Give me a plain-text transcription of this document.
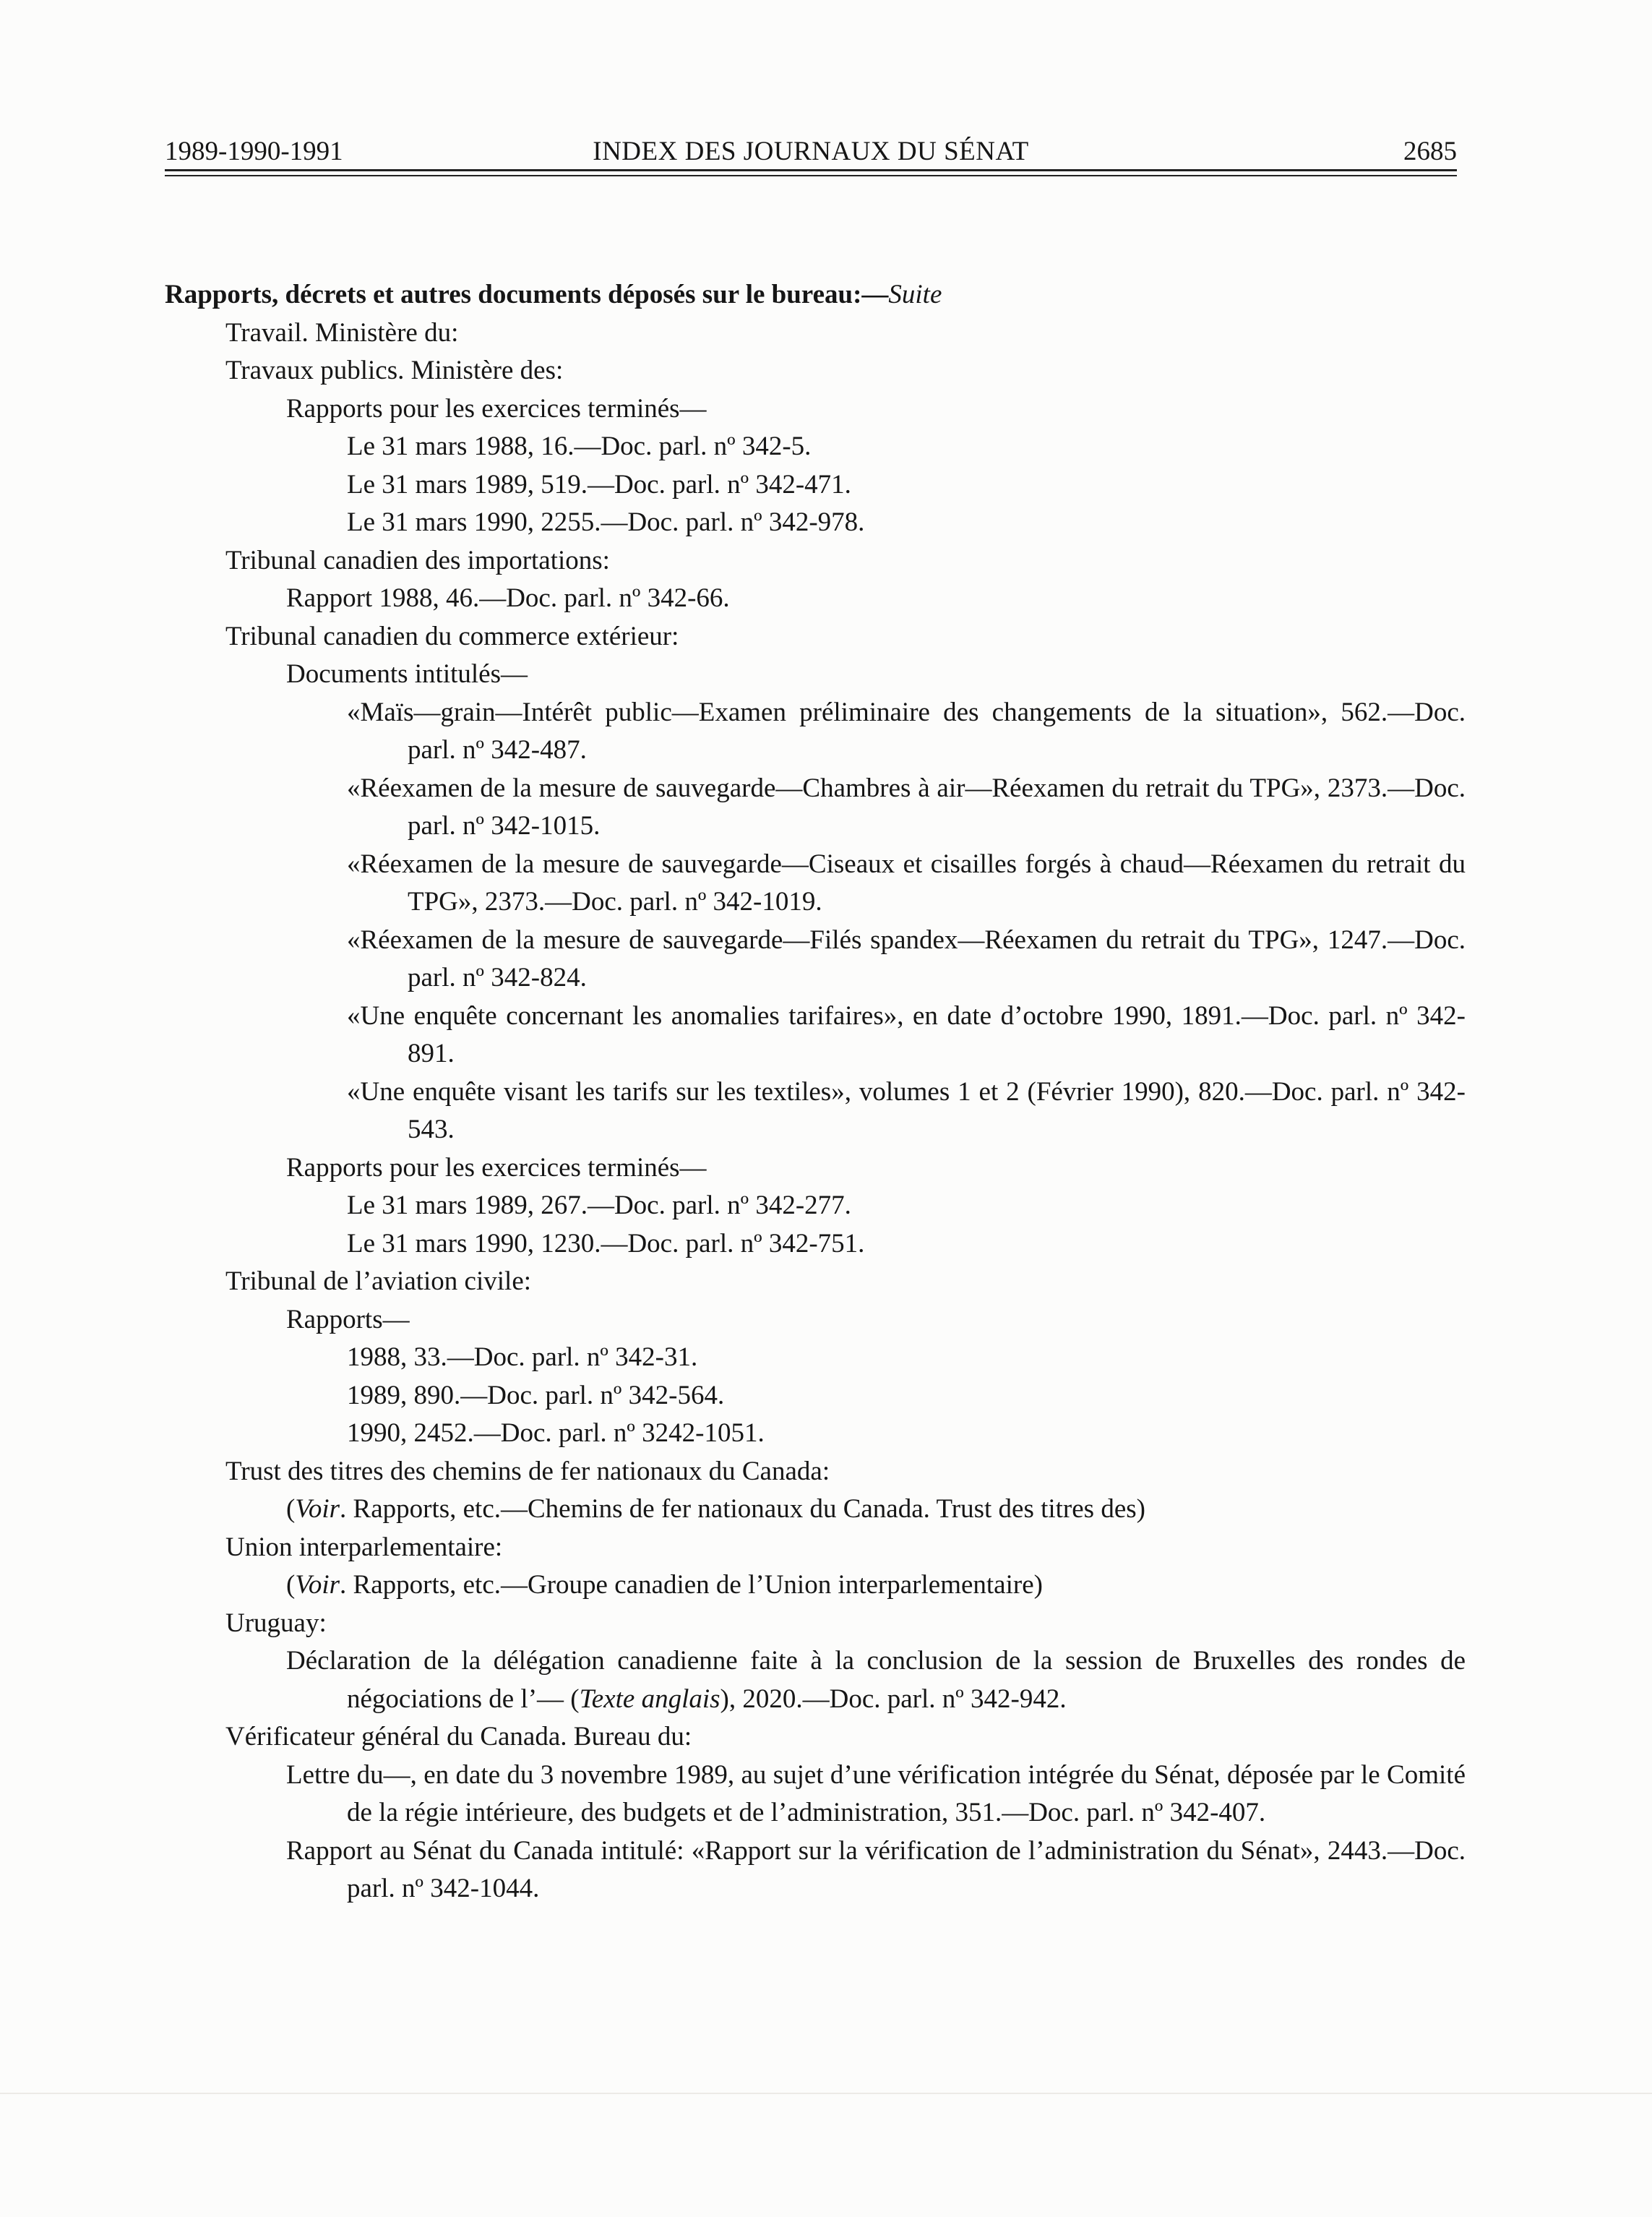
1989-1990-1991	INDEX DES JOURNAUX DU SÉNAT	2685
Rapports, décrets et autres documents déposés sur le bureau:—Suite
Travail. Ministère du:
Travaux publics. Ministère des:
Rapports pour les exercices terminés—
Le 31 mars 1988, 16.—Doc. parl. nº 342-5.
Le 31 mars 1989, 519.—Doc. parl. nº 342-471.
Le 31 mars 1990, 2255.—Doc. parl. nº 342-978.
Tribunal canadien des importations:
Rapport 1988, 46.—Doc. parl. nº 342-66.
Tribunal canadien du commerce extérieur:
Documents intitulés—
«Maïs—grain—Intérêt public—Examen préliminaire des changements de la situation», 562.—Doc. parl. nº 342-487.
«Réexamen de la mesure de sauvegarde—Chambres à air—Réexamen du retrait du TPG», 2373.—Doc. parl. nº 342-1015.
«Réexamen de la mesure de sauvegarde—Ciseaux et cisailles forgés à chaud—Réexamen du retrait du TPG», 2373.—Doc. parl. nº 342-1019.
«Réexamen de la mesure de sauvegarde—Filés spandex—Réexamen du retrait du TPG», 1247.—Doc. parl. nº 342-824.
«Une enquête concernant les anomalies tarifaires», en date d’octobre 1990, 1891.—Doc. parl. nº 342-891.
«Une enquête visant les tarifs sur les textiles», volumes 1 et 2 (Février 1990), 820.—Doc. parl. nº 342-543.
Rapports pour les exercices terminés—
Le 31 mars 1989, 267.—Doc. parl. nº 342-277.
Le 31 mars 1990, 1230.—Doc. parl. nº 342-751.
Tribunal de l’aviation civile:
Rapports—
1988, 33.—Doc. parl. nº 342-31.
1989, 890.—Doc. parl. nº 342-564.
1990, 2452.—Doc. parl. nº 3242-1051.
Trust des titres des chemins de fer nationaux du Canada:
(Voir. Rapports, etc.—Chemins de fer nationaux du Canada. Trust des titres des)
Union interparlementaire:
(Voir. Rapports, etc.—Groupe canadien de l’Union interparlementaire)
Uruguay:
Déclaration de la délégation canadienne faite à la conclusion de la session de Bruxelles des rondes de négociations de l’— (Texte anglais), 2020.—Doc. parl. nº 342-942.
Vérificateur général du Canada. Bureau du:
Lettre du—, en date du 3 novembre 1989, au sujet d’une vérification intégrée du Sénat, déposée par le Comité de la régie intérieure, des budgets et de l’administration, 351.—Doc. parl. nº 342-407.
Rapport au Sénat du Canada intitulé: «Rapport sur la vérification de l’administration du Sénat», 2443.—Doc. parl. nº 342-1044.
